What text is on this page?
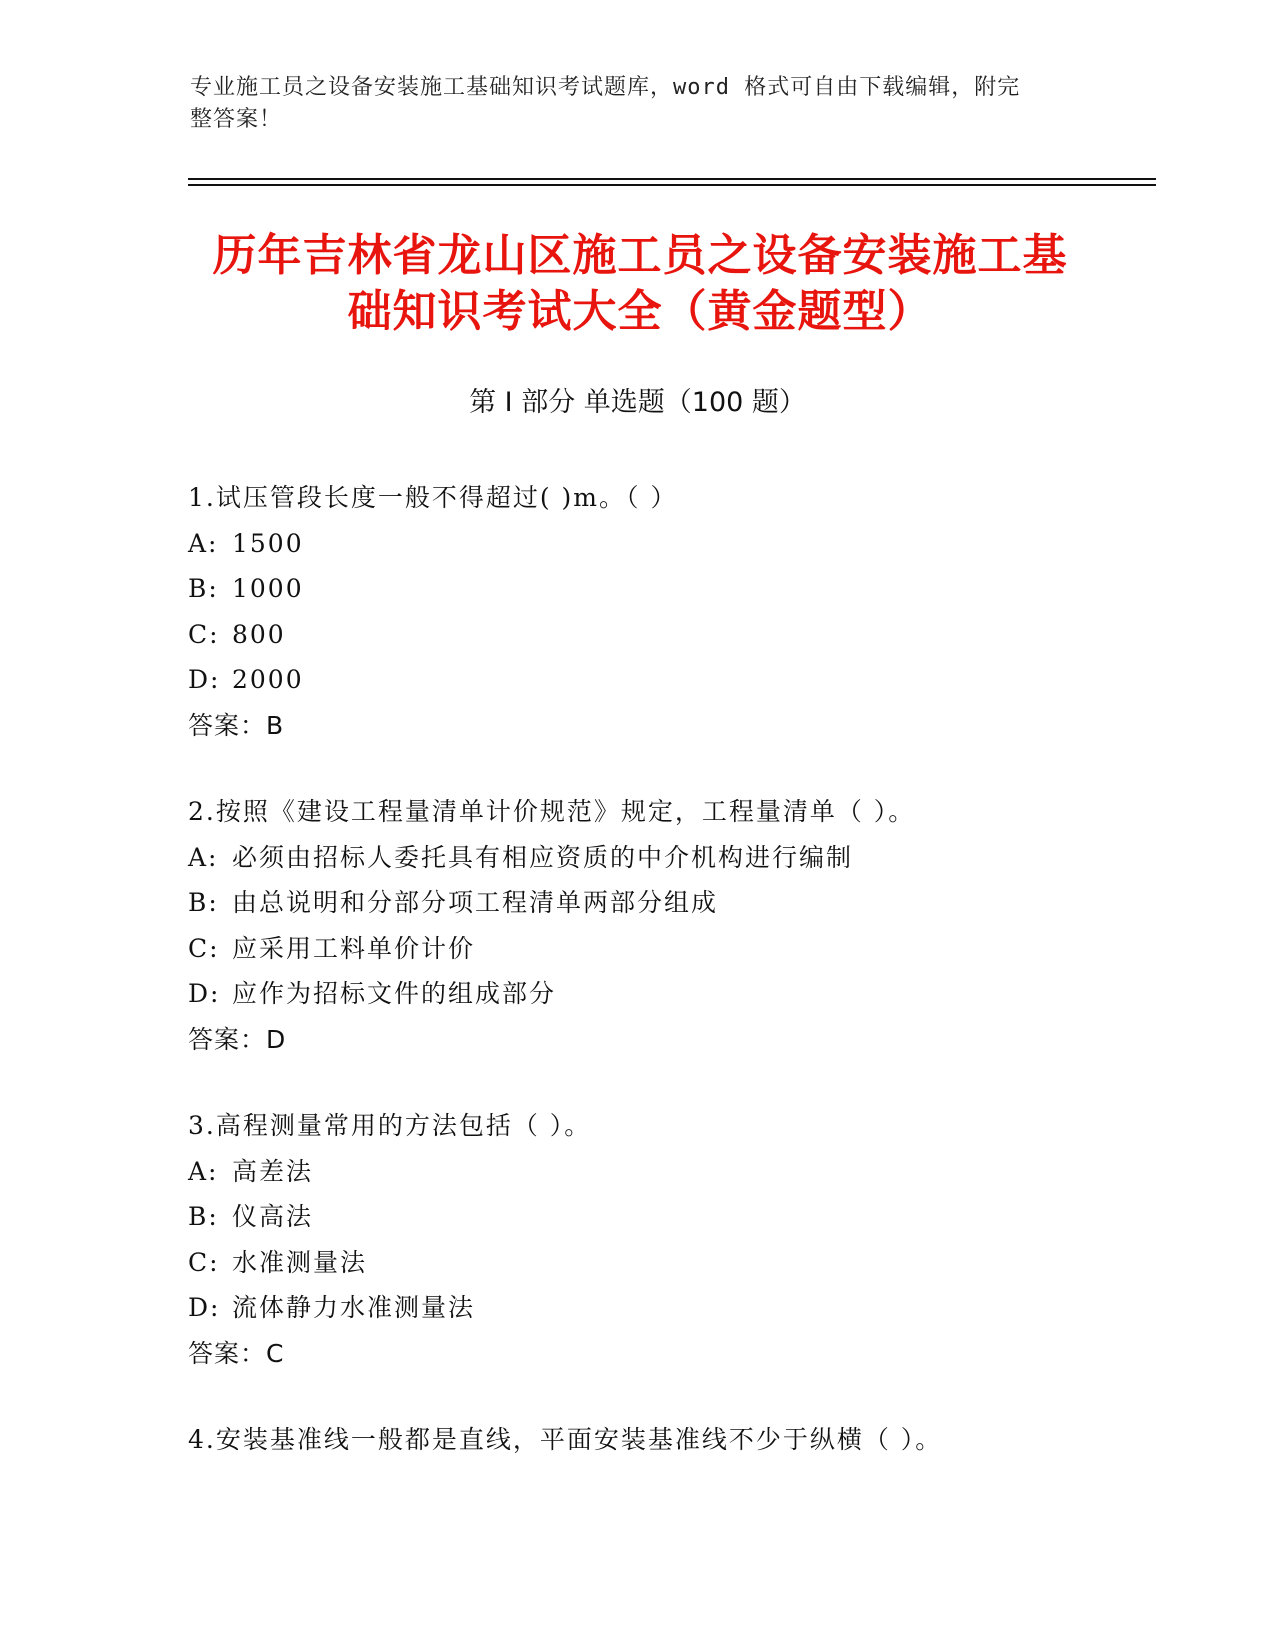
专业施工员之设备安装施工基础知识考试题库，word 格式可自由下载编辑，附完
整答案！
历年吉林省龙山区施工员之设备安装施工基
础知识考试大全（黄金题型）
第 I 部分 单选题（100 题）
1.试压管段长度一般不得超过( )m。（ ）
A: 1500
B: 1000
C: 800
D: 2000
答案：B
2.按照《建设工程量清单计价规范》规定，工程量清单（ ）。
A: 必须由招标人委托具有相应资质的中介机构进行编制
B: 由总说明和分部分项工程清单两部分组成
C: 应采用工料单价计价
D: 应作为招标文件的组成部分
答案：D
3.高程测量常用的方法包括（ ）。
A: 高差法
B: 仪高法
C: 水准测量法
D: 流体静力水准测量法
答案：C
4.安装基准线一般都是直线，平面安装基准线不少于纵横（ ）。
